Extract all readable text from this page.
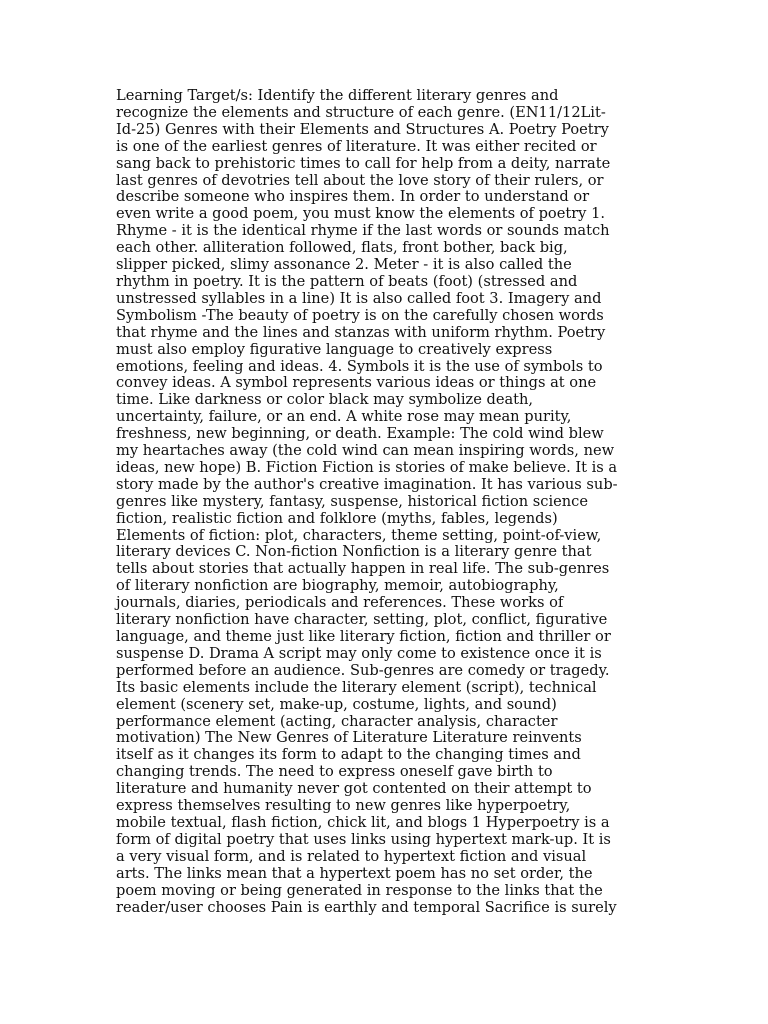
Learning Target/s: Identify the different literary genres and
recognize the elements and structure of each genre. (EN11/12Lit-
Id-25) Genres with their Elements and Structures A. Poetry Poetry
is one of the earliest genres of literature. It was either recited or
sang back to prehistoric times to call for help from a deity, narrate
last genres of devotries tell about the love story of their rulers, or
describe someone who inspires them. In order to understand or
even write a good poem, you must know the elements of poetry 1.
Rhyme - it is the identical rhyme if the last words or sounds match
each other. alliteration followed, flats, front bother, back big,
slipper picked, slimy assonance 2. Meter - it is also called the
rhythm in poetry. It is the pattern of beats (foot) (stressed and
unstressed syllables in a line) It is also called foot 3. Imagery and
Symbolism -The beauty of poetry is on the carefully chosen words
that rhyme and the lines and stanzas with uniform rhythm. Poetry
must also employ figurative language to creatively express
emotions, feeling and ideas. 4. Symbols it is the use of symbols to
convey ideas. A symbol represents various ideas or things at one
time. Like darkness or color black may symbolize death,
uncertainty, failure, or an end. A white rose may mean purity,
freshness, new beginning, or death. Example: The cold wind blew
my heartaches away (the cold wind can mean inspiring words, new
ideas, new hope) B. Fiction Fiction is stories of make believe. It is a
story made by the author's creative imagination. It has various sub-
genres like mystery, fantasy, suspense, historical fiction science
fiction, realistic fiction and folklore (myths, fables, legends)
Elements of fiction: plot, characters, theme setting, point-of-view,
literary devices C. Non-fiction Nonfiction is a literary genre that
tells about stories that actually happen in real life. The sub-genres
of literary nonfiction are biography, memoir, autobiography,
journals, diaries, periodicals and references. These works of
literary nonfiction have character, setting, plot, conflict, figurative
language, and theme just like literary fiction, fiction and thriller or
suspense D. Drama A script may only come to existence once it is
performed before an audience. Sub-genres are comedy or tragedy.
Its basic elements include the literary element (script), technical
element (scenery set, make-up, costume, lights, and sound)
performance element (acting, character analysis, character
motivation) The New Genres of Literature Literature reinvents
itself as it changes its form to adapt to the changing times and
changing trends. The need to express oneself gave birth to
literature and humanity never got contented on their attempt to
express themselves resulting to new genres like hyperpoetry,
mobile textual, flash fiction, chick lit, and blogs 1 Hyperpoetry is a
form of digital poetry that uses links using hypertext mark-up. It is
a very visual form, and is related to hypertext fiction and visual
arts. The links mean that a hypertext poem has no set order, the
poem moving or being generated in response to the links that the
reader/user chooses Pain is earthly and temporal Sacrifice is surely
